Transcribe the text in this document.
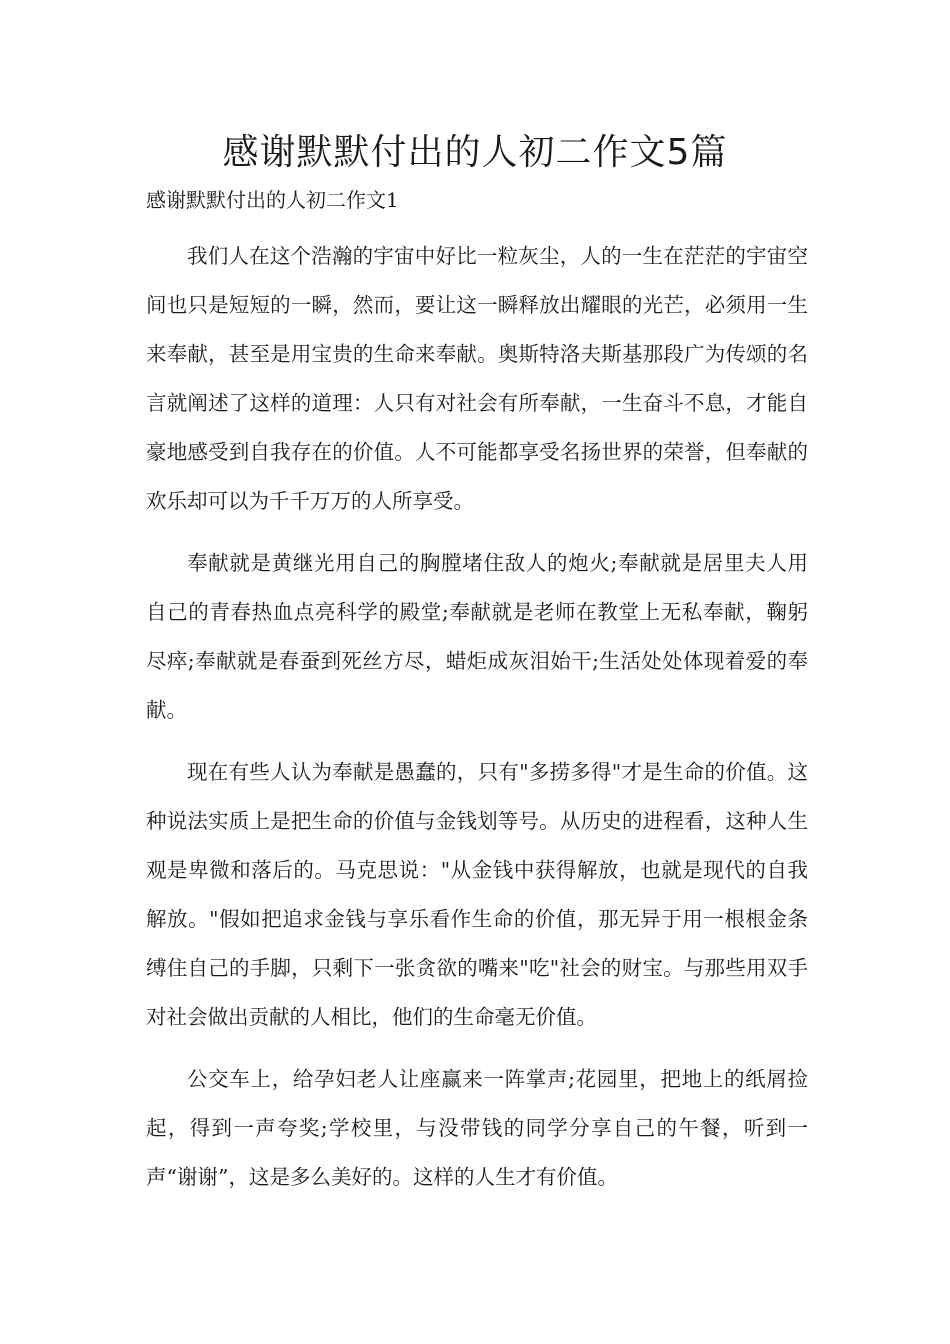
感谢默默付出的人初二作文5篇

感谢默默付出的人初二作文1

我们人在这个浩瀚的宇宙中好比一粒灰尘，人的一生在茫茫的宇宙空间也只是短短的一瞬，然而，要让这一瞬释放出耀眼的光芒，必须用一生来奉献，甚至是用宝贵的生命来奉献。奥斯特洛夫斯基那段广为传颂的名言就阐述了这样的道理：人只有对社会有所奉献，一生奋斗不息，才能自豪地感受到自我存在的价值。人不可能都享受名扬世界的荣誉，但奉献的欢乐却可以为千千万万的人所享受。

奉献就是黄继光用自己的胸膛堵住敌人的炮火;奉献就是居里夫人用自己的青春热血点亮科学的殿堂;奉献就是老师在教堂上无私奉献，鞠躬尽瘁;奉献就是春蚕到死丝方尽，蜡炬成灰泪始干;生活处处体现着爱的奉献。

现在有些人认为奉献是愚蠢的，只有"多捞多得"才是生命的价值。这种说法实质上是把生命的价值与金钱划等号。从历史的进程看，这种人生观是卑微和落后的。马克思说："从金钱中获得解放，也就是现代的自我解放。"假如把追求金钱与享乐看作生命的价值，那无异于用一根根金条缚住自己的手脚，只剩下一张贪欲的嘴来"吃"社会的财宝。与那些用双手对社会做出贡献的人相比，他们的生命毫无价值。

公交车上，给孕妇老人让座赢来一阵掌声;花园里，把地上的纸屑捡起，得到一声夸奖;学校里，与没带钱的同学分享自己的午餐，听到一声“谢谢”，这是多么美好的。这样的人生才有价值。
